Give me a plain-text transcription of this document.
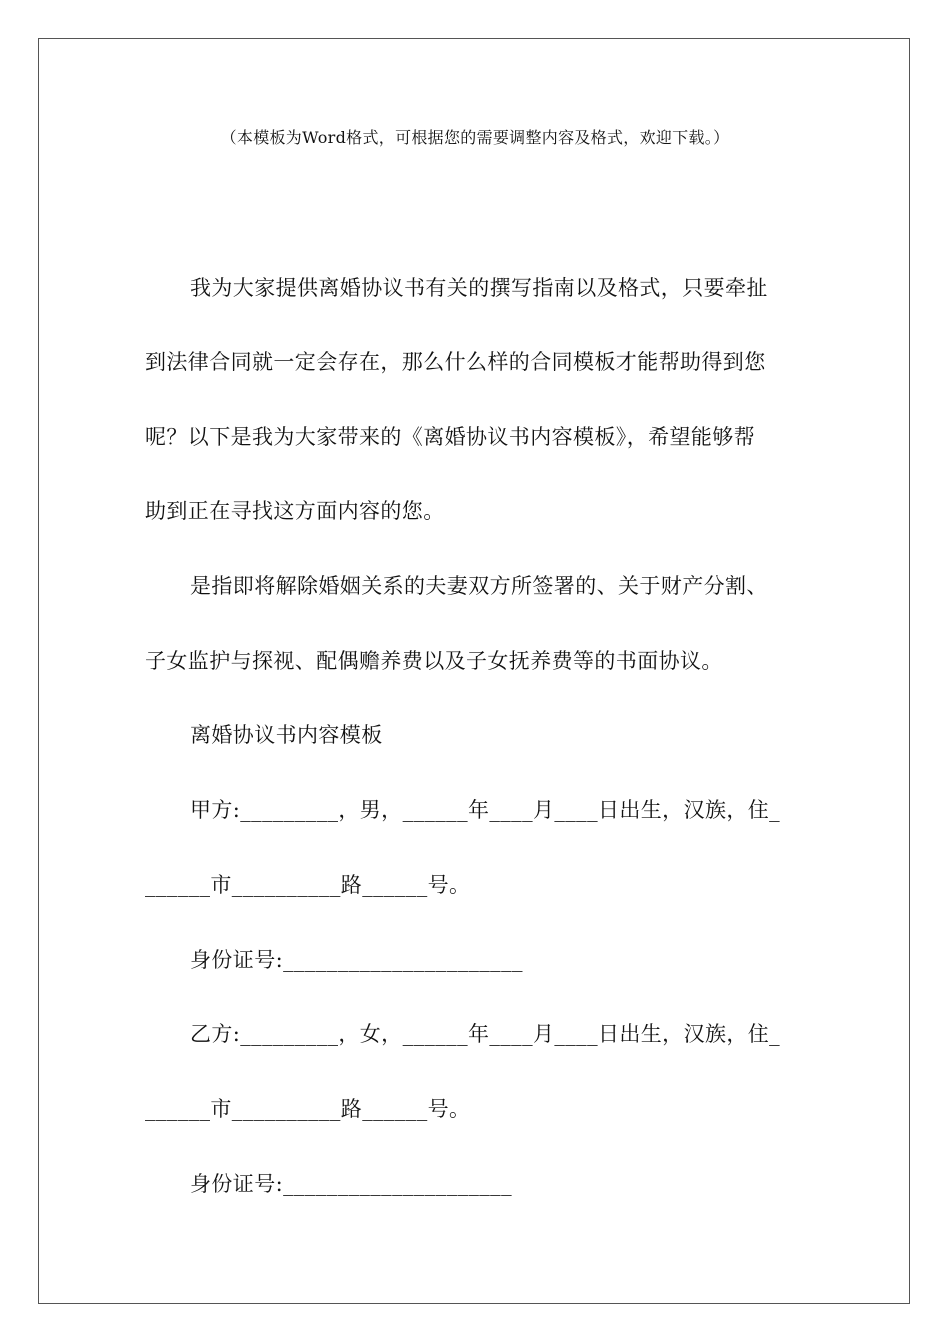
（本模板为Word格式，可根据您的需要调整内容及格式，欢迎下载。）
我为大家提供离婚协议书有关的撰写指南以及格式，只要牵扯
到法律合同就一定会存在，那么什么样的合同模板才能帮助得到您
呢？以下是我为大家带来的《离婚协议书内容模板》，希望能够帮
助到正在寻找这方面内容的您。
是指即将解除婚姻关系的夫妻双方所签署的、关于财产分割、
子女监护与探视、配偶赡养费以及子女抚养费等的书面协议。
离婚协议书内容模板
甲方:_________，男，______年____月____日出生，汉族，住_
______市__________路______号。
身份证号:______________________
乙方:_________，女，______年____月____日出生，汉族，住_
______市__________路______号。
身份证号:_____________________
